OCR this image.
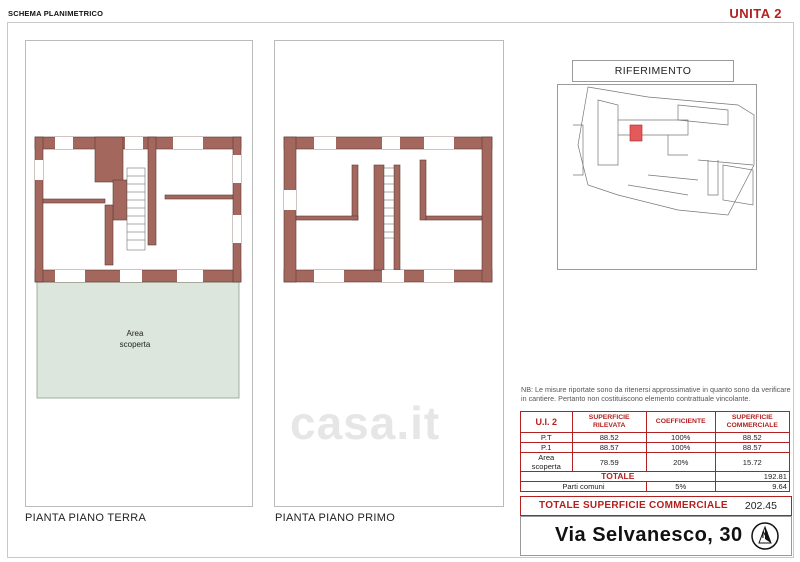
SCHEMA PLANIMETRICO	UNITA 2
Area
scoperta
PIANTA PIANO TERRA	PIANTA PIANO PRIMO
casa.it
RIFERIMENTO
NB: Le misure riportate sono da ritenersi approssimative in quanto sono da verificare in cantiere. Pertanto non costituiscono elemento contrattuale vincolante.
U.I. 2	SUPERFICIE RILEVATA	COEFFICIENTE	SUPERFICIE COMMERCIALE
P.T	88.52	100%	88.52
P.1	88.57	100%	88.57
Area scoperta	78.59	20%	15.72
TOTALE			192.81
Parti comuni		5%	9.64
TOTALE SUPERFICIE COMMERCIALE 202.45
Via Selvanesco, 30 N
